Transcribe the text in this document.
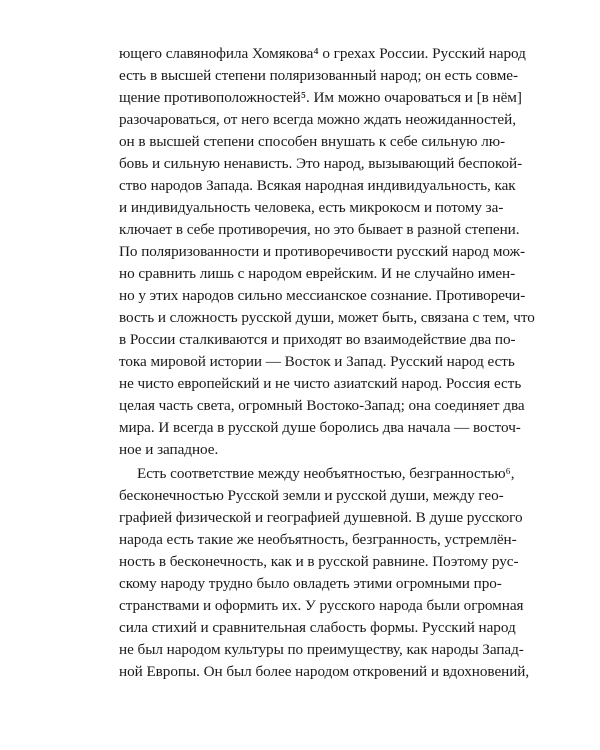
ющего славянофила Хомякова⁴ о грехах России. Русский народ
есть в высшей степени поляризованный народ; он есть совме-
щение противоположностей⁵. Им можно очароваться и [в нём]
разочароваться, от него всегда можно ждать неожиданностей,
он в высшей степени способен внушать к себе сильную лю-
бовь и сильную ненависть. Это народ, вызывающий беспокой-
ство народов Запада. Всякая народная индивидуальность, как
и индивидуальность человека, есть микрокосм и потому за-
ключает в себе противоречия, но это бывает в разной степени.
По поляризованности и противоречивости русский народ мож-
но сравнить лишь с народом еврейским. И не случайно имен-
но у этих народов сильно мессианское сознание. Противоречи-
вость и сложность русской души, может быть, связана с тем, что
в России сталкиваются и приходят во взаимодействие два по-
тока мировой истории — Восток и Запад. Русский народ есть
не чисто европейский и не чисто азиатский народ. Россия есть
целая часть света, огромный Востоко-Запад; она соединяет два
мира. И всегда в русской душе боролись два начала — восточ-
ное и западное.
Есть соответствие между необъятностью, безгранностью⁶,
бесконечностью Русской земли и русской души, между гео-
графией физической и географией душевной. В душе русского
народа есть такие же необъятность, безгранность, устремлён-
ность в бесконечность, как и в русской равнине. Поэтому рус-
скому народу трудно было овладеть этими огромными про-
странствами и оформить их. У русского народа были огромная
сила стихий и сравнительная слабость формы. Русский народ
не был народом культуры по преимуществу, как народы Запад-
ной Европы. Он был более народом откровений и вдохновений,
